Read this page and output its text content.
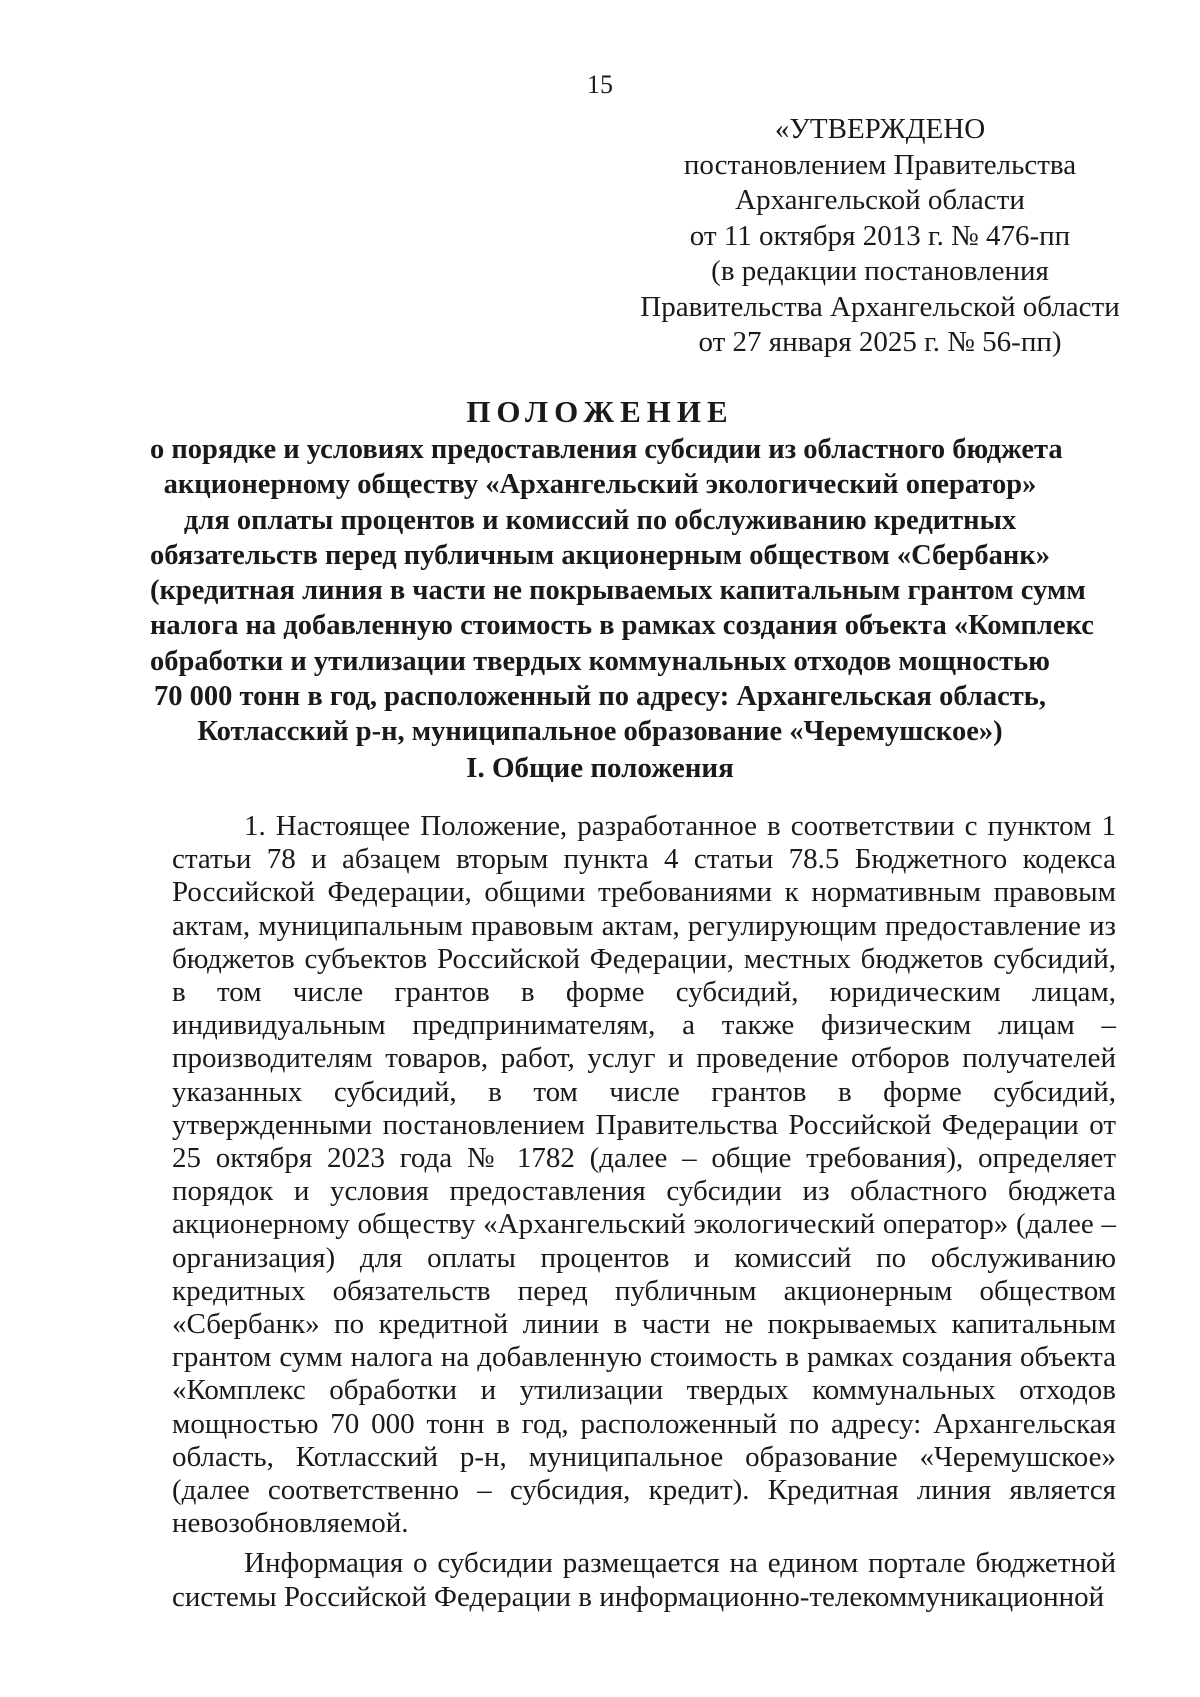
15
«УТВЕРЖДЕНО
постановлением Правительства
Архангельской области
от 11 октября 2013 г. № 476-пп
(в редакции постановления
Правительства Архангельской области
от 27 января 2025 г. № 56-пп)
ПОЛОЖЕНИЕ
о порядке и условиях предоставления субсидии из областного бюджета
акционерному обществу «Архангельский экологический оператор»
для оплаты процентов и комиссий по обслуживанию кредитных
обязательств перед публичным акционерным обществом «Сбербанк»
(кредитная линия в части не покрываемых капитальным грантом сумм
налога на добавленную стоимость в рамках создания объекта «Комплекс
обработки и утилизации твердых коммунальных отходов мощностью
70 000 тонн в год, расположенный по адресу: Архангельская область,
Котласский р-н, муниципальное образование «Черемушское»)
I. Общие положения

1. Настоящее Положение, разработанное в соответствии с пунктом 1 статьи 78 и абзацем вторым пункта 4 статьи 78.5 Бюджетного кодекса Российской Федерации, общими требованиями к нормативным правовым актам, муниципальным правовым актам, регулирующим предоставление из бюджетов субъектов Российской Федерации, местных бюджетов субсидий, в том числе грантов в форме субсидий, юридическим лицам, индивидуальным предпринимателям, а также физическим лицам – производителям товаров, работ, услуг и проведение отборов получателей указанных субсидий, в том числе грантов в форме субсидий, утвержденными постановлением Правительства Российской Федерации от 25 октября 2023 года № 1782 (далее – общие требования), определяет порядок и условия предоставления субсидии из областного бюджета акционерному обществу «Архангельский экологический оператор» (далее – организация) для оплаты процентов и комиссий по обслуживанию кредитных обязательств перед публичным акционерным обществом «Сбербанк» по кредитной линии в части не покрываемых капитальным грантом сумм налога на добавленную стоимость в рамках создания объекта «Комплекс обработки и утилизации твердых коммунальных отходов мощностью 70 000 тонн в год, расположенный по адресу: Архангельская область, Котласский р-н, муниципальное образование «Черемушское» (далее соответственно – субсидия, кредит). Кредитная линия является невозобновляемой.

Информация о субсидии размещается на едином портале бюджетной системы Российской Федерации в информационно-телекоммуникационной
